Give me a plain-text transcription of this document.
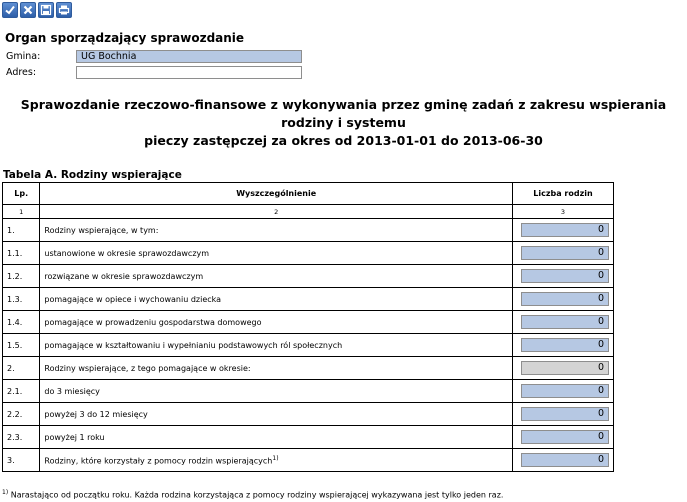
Organ sporządzający sprawozdanie
Gmina:	UG Bochnia
Adres:
Sprawozdanie rzeczowo-finansowe z wykonywania przez gminę zadań z zakresu wspierania rodziny i systemu
pieczy zastępczej za okres od 2013-01-01 do 2013-06-30
Tabela A. Rodziny wspierające
Lp.	Wyszczególnienie	Liczba rodzin
1	2	3
1.	Rodziny wspierające, w tym:	0

1.1.	ustanowione w okresie sprawozdawczym	0

1.2.	rozwiązane w okresie sprawozdawczym	0

1.3.	pomagające w opiece i wychowaniu dziecka	0

1.4.	pomagające w prowadzeniu gospodarstwa domowego	0

1.5.	pomagające w kształtowaniu i wypełnianiu podstawowych ról społecznych	0

2.	Rodziny wspierające, z tego pomagające w okresie:	0

2.1.	do 3 miesięcy	0

2.2.	powyżej 3 do 12 miesięcy	0

2.3.	powyżej 1 roku	0

3.	Rodziny, które korzystały z pomocy rodzin wspierających$^{1)}$	0
$^{1)}$ Narastająco od początku roku. Każda rodzina korzystająca z pomocy rodziny wspierającej wykazywana jest tylko jeden raz.
